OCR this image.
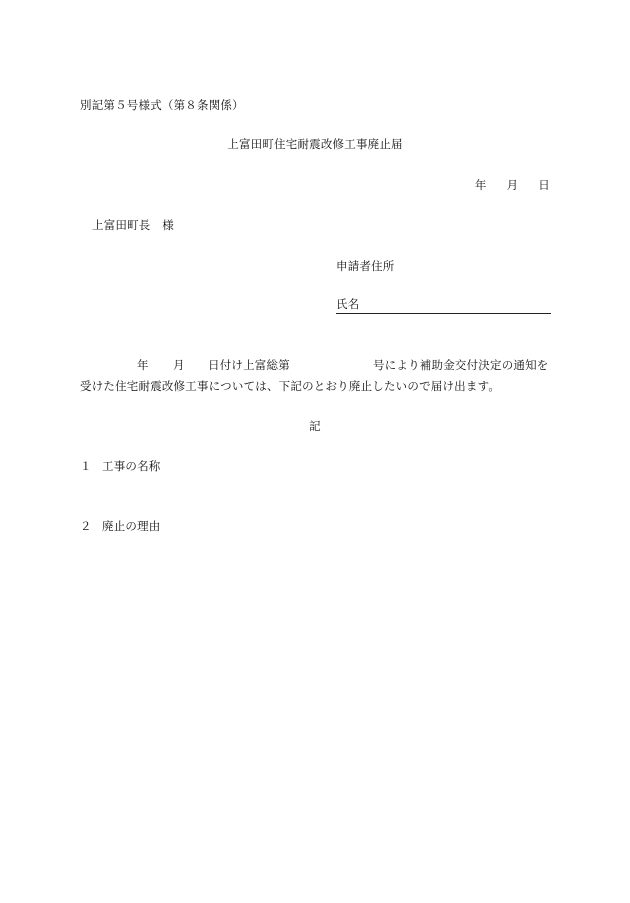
別記第５号様式（第８条関係）
上富田町住宅耐震改修工事廃止届
年 月 日
上富田町長　様
申請者住所
氏名
年 月 日付け上富総第	号により補助金交付決定の通知を
受けた住宅耐震改修工事については、下記のとおり廃止したいので届け出ます。
記
１ 工事の名称
２ 廃止の理由
